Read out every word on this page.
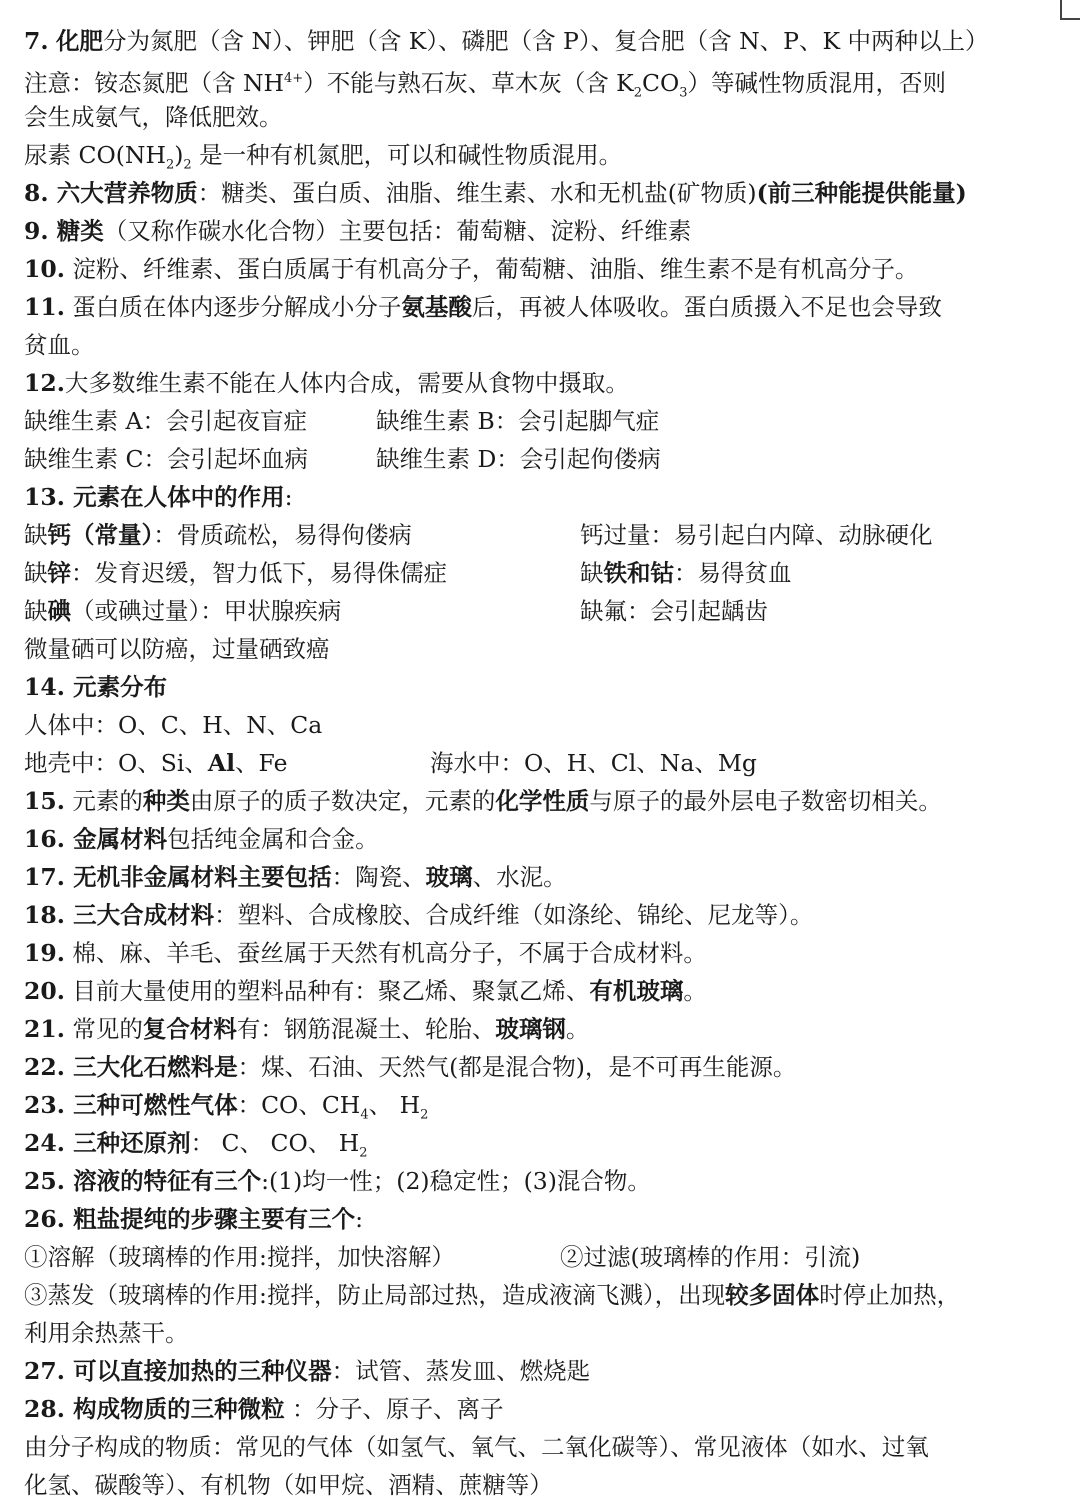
7. 化肥分为氮肥（含 N）、钾肥（含 K）、磷肥（含 P）、复合肥（含 N、P、K 中两种以上）
注意：铵态氮肥（含 $NH^{4+}$）不能与熟石灰、草木灰（含 $K_2CO_3$）等碱性物质混用，否则
会生成氨气，降低肥效。
尿素 $CO(NH_2)_2$ 是一种有机氮肥，可以和碱性物质混用。
8. 六大营养物质：糖类、蛋白质、油脂、维生素、水和无机盐(矿物质)(前三种能提供能量)
9. 糖类（又称作碳水化合物）主要包括：葡萄糖、淀粉、纤维素
10. 淀粉、纤维素、蛋白质属于有机高分子，葡萄糖、油脂、维生素不是有机高分子。
11. 蛋白质在体内逐步分解成小分子氨基酸后，再被人体吸收。蛋白质摄入不足也会导致
贫血。
12.大多数维生素不能在人体内合成，需要从食物中摄取。
缺维生素 A：会引起夜盲症	缺维生素 B：会引起脚气症
缺维生素 C：会引起坏血病	缺维生素 D：会引起佝偻病
13. 元素在人体中的作用:
缺钙（常量）：骨质疏松，易得佝偻病	钙过量：易引起白内障、动脉硬化
缺锌：发育迟缓，智力低下，易得侏儒症	缺铁和钴：易得贫血
缺碘（或碘过量）：甲状腺疾病	缺氟：会引起龋齿
微量硒可以防癌，过量硒致癌
14. 元素分布
人体中：O、C、H、N、Ca
地壳中：O、Si、Al、Fe	海水中：O、H、Cl、Na、Mg
15. 元素的种类由原子的质子数决定，元素的化学性质与原子的最外层电子数密切相关。
16. 金属材料包括纯金属和合金。
17. 无机非金属材料主要包括：陶瓷、玻璃、水泥。
18. 三大合成材料：塑料、合成橡胶、合成纤维（如涤纶、锦纶、尼龙等）。
19. 棉、麻、羊毛、蚕丝属于天然有机高分子，不属于合成材料。
20. 目前大量使用的塑料品种有：聚乙烯、聚氯乙烯、有机玻璃。
21. 常见的复合材料有：钢筋混凝土、轮胎、玻璃钢。
22. 三大化石燃料是：煤、石油、天然气(都是混合物)，是不可再生能源。
23. 三种可燃性气体：CO、$CH_4$、 $H_2$
24. 三种还原剂： C、 CO、 $H_2$
25. 溶液的特征有三个:(1)均一性；(2)稳定性；(3)混合物。
26. 粗盐提纯的步骤主要有三个:
①溶解（玻璃棒的作用:搅拌，加快溶解）	②过滤(玻璃棒的作用：引流)
③蒸发（玻璃棒的作用:搅拌，防止局部过热，造成液滴飞溅），出现较多固体时停止加热，
利用余热蒸干。
27. 可以直接加热的三种仪器：试管、蒸发皿、燃烧匙
28. 构成物质的三种微粒 ：分子、原子、离子
由分子构成的物质：常见的气体（如氢气、氧气、二氧化碳等）、常见液体（如水、过氧
化氢、碳酸等）、有机物（如甲烷、酒精、蔗糖等）
